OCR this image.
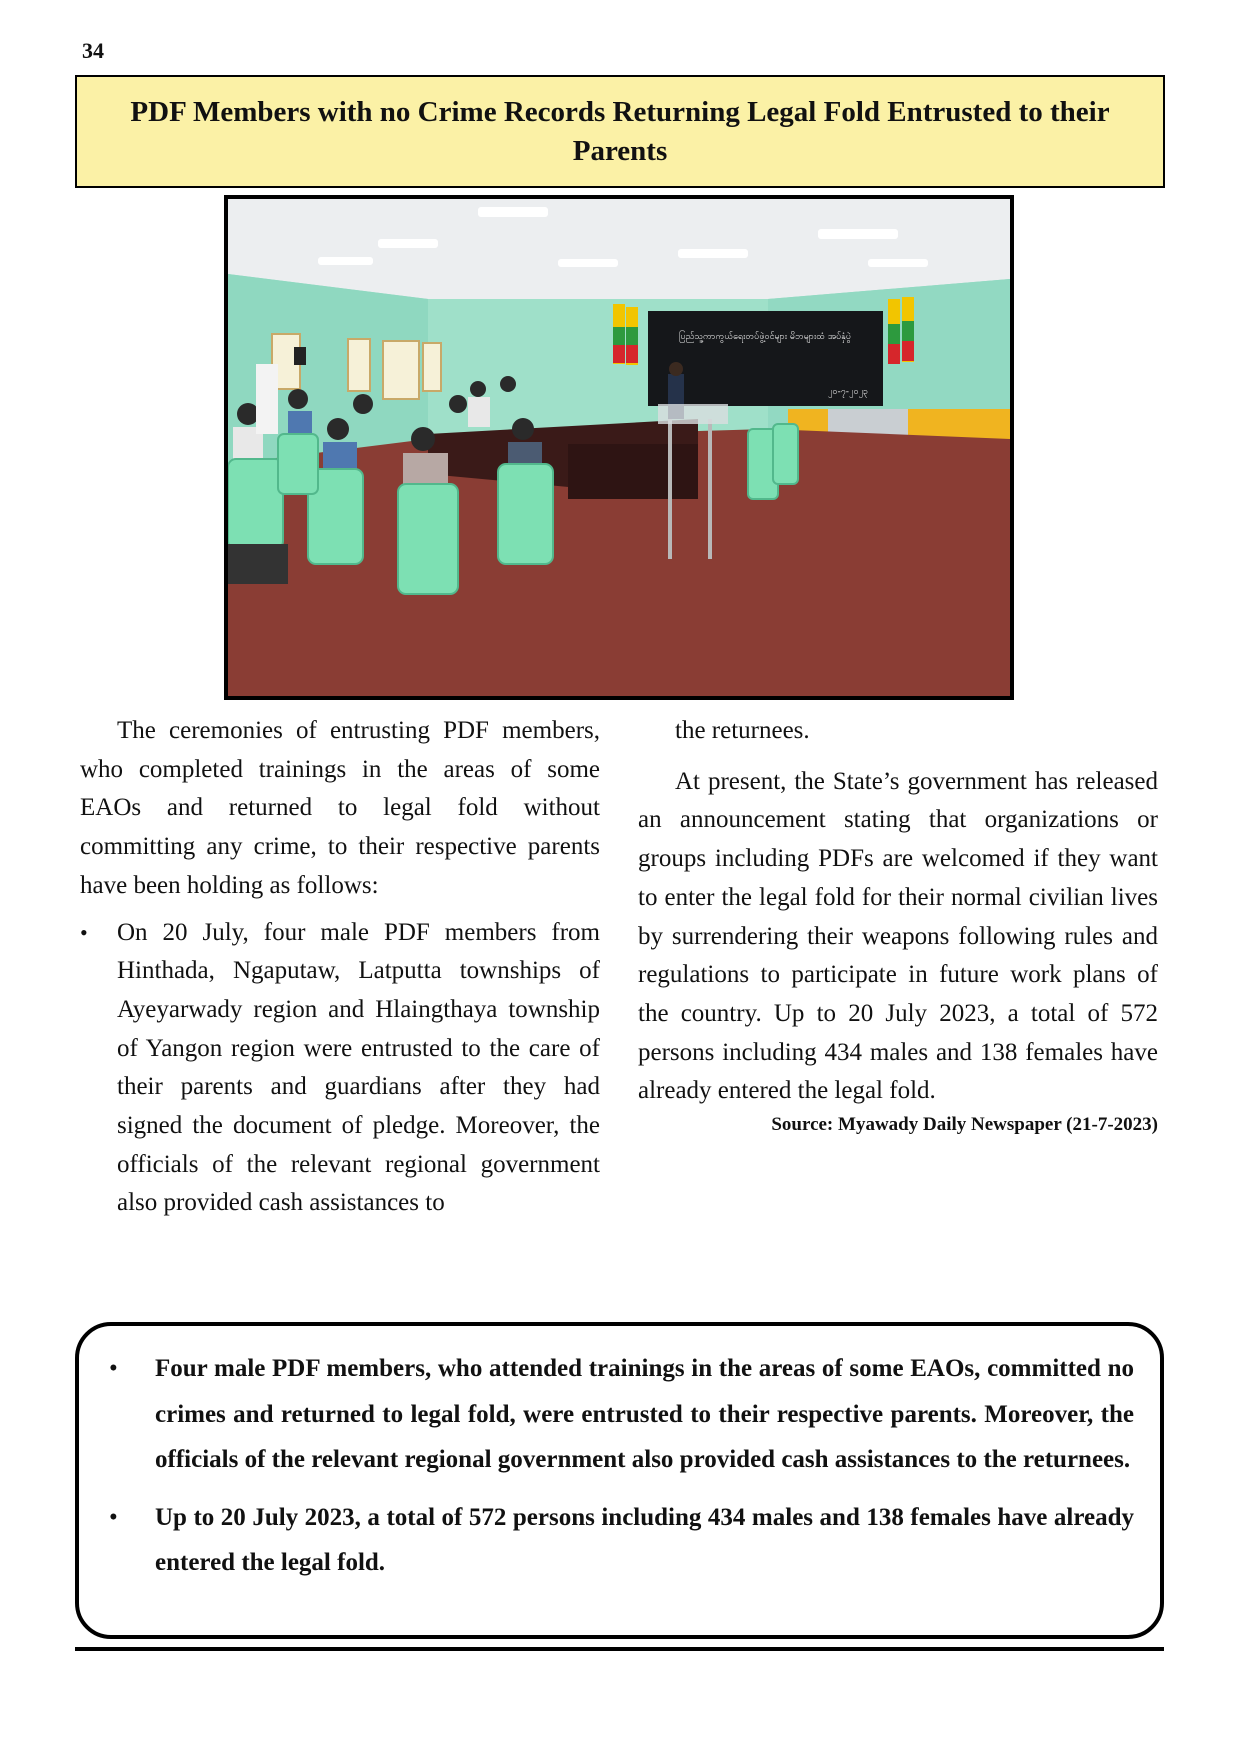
34
PDF Members with no Crime Records Returning Legal Fold Entrusted to their Parents
ပြည်သူ့ကာကွယ်ရေးတပ်ဖွဲ့ဝင်များ မိဘများထံ အပ်နှံပွဲ
၂၀-၇-၂၀၂၃

The ceremonies of entrusting PDF members, who completed trainings in the areas of some EAOs and returned to legal fold without committing any crime, to their respective parents have been holding as follows:

• On 20 July, four male PDF members from Hinthada, Ngaputaw, Latputta townships of Ayeyarwady region and Hlaingthaya township of Yangon region were entrusted to the care of their parents and guardians after they had signed the document of pledge. Moreover, the officials of the relevant regional government also provided cash assistances to

the returnees.

At present, the State’s government has released an announcement stating that organizations or groups including PDFs are welcomed if they want to enter the legal fold for their normal civilian lives by surrendering their weapons following rules and regulations to participate in future work plans of the country. Up to 20 July 2023, a total of 572 persons including 434 males and 138 females have already entered the legal fold.

Source: Myawady Daily Newspaper (21-7-2023)

• Four male PDF members, who attended trainings in the areas of some EAOs, committed no crimes and returned to legal fold, were entrusted to their respective parents. Moreover, the officials of the relevant regional government also provided cash assistances to the returnees.
• Up to 20 July 2023, a total of 572 persons including 434 males and 138 females have already entered the legal fold.
